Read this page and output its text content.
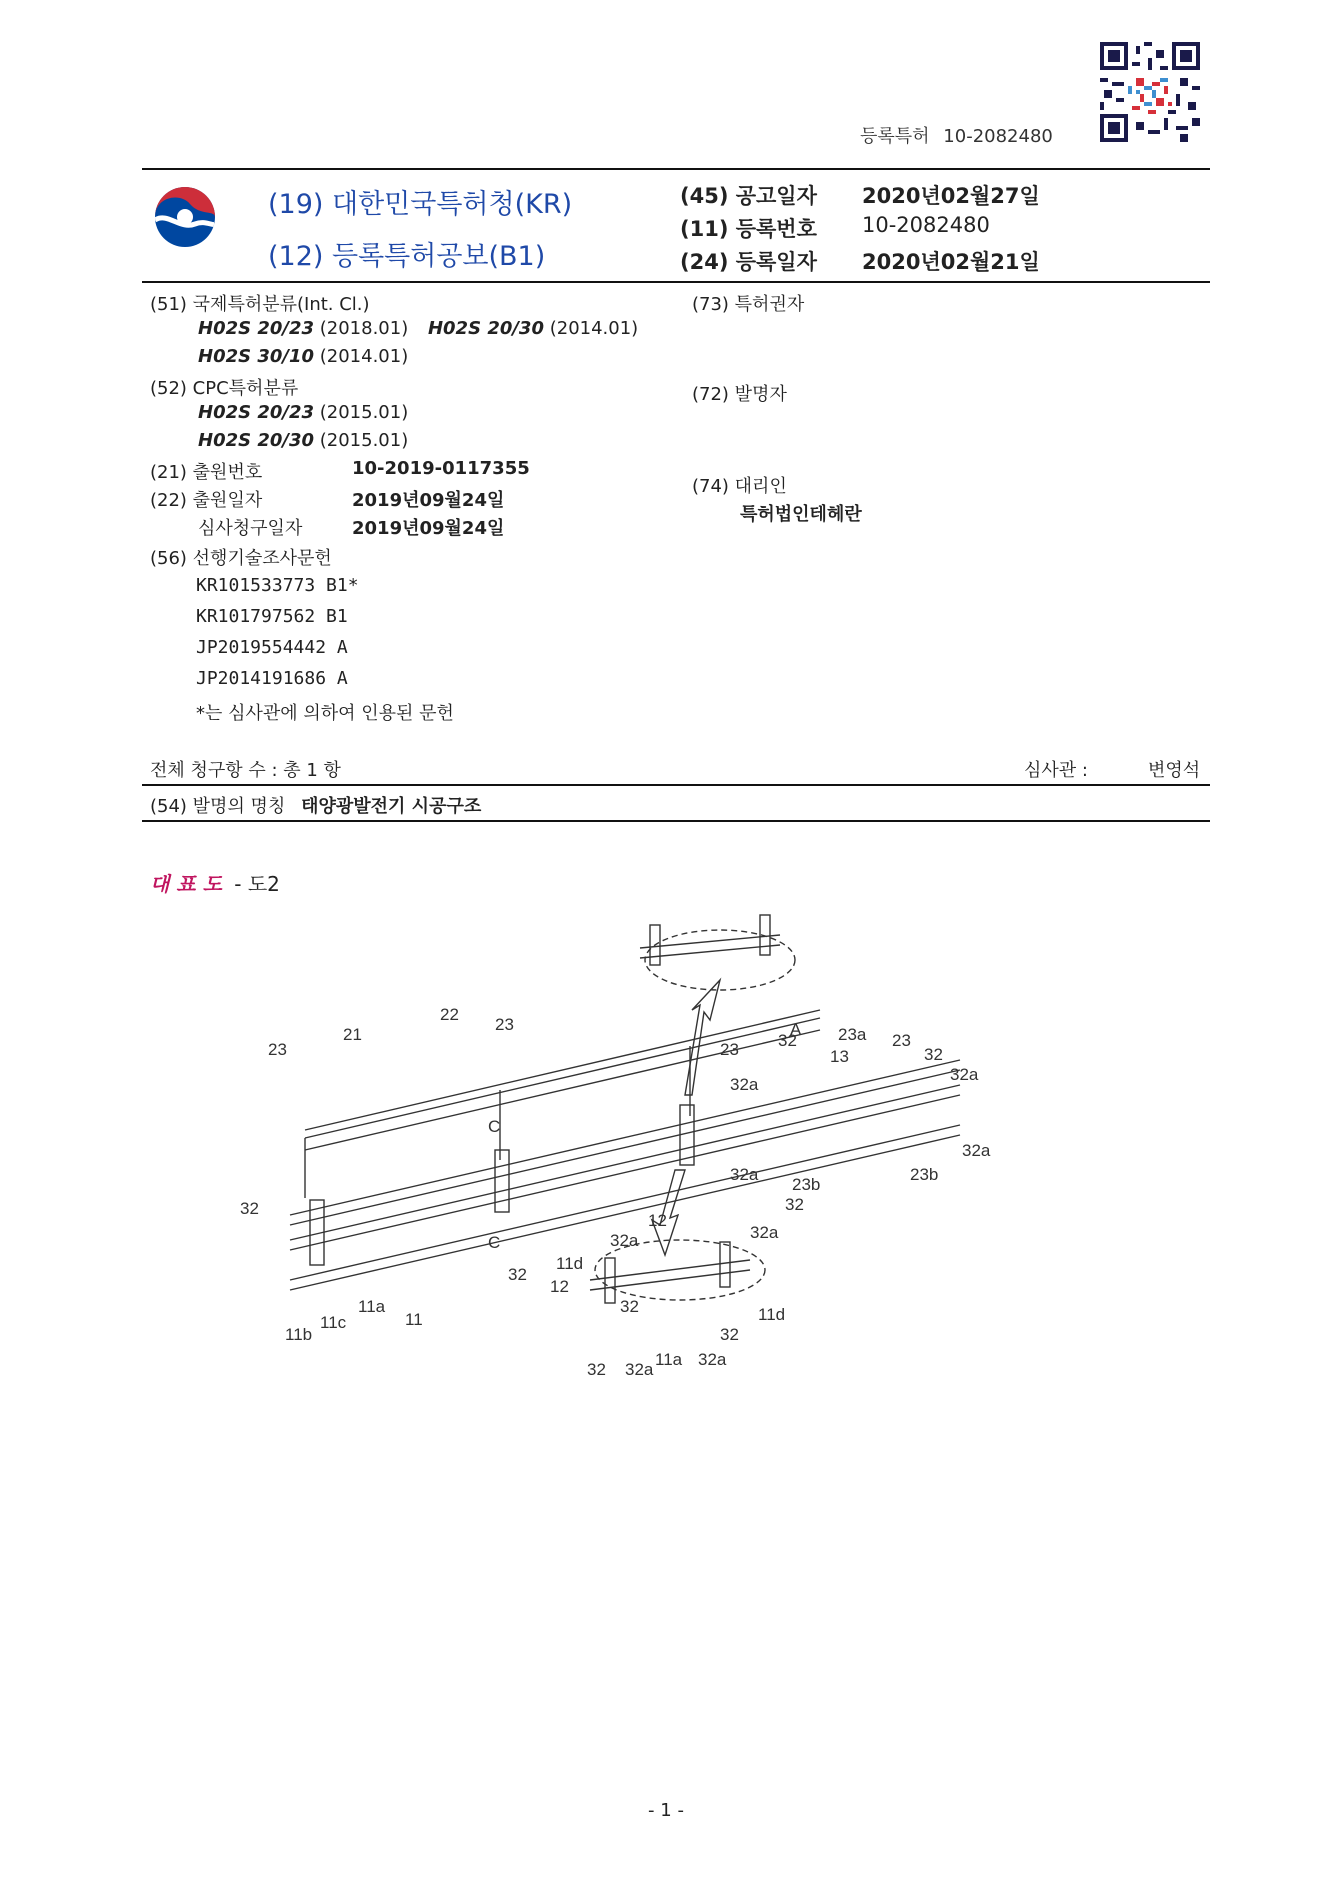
등록특허 10-2082480
(19) 대한민국특허청(KR)
(12) 등록특허공보(B1)
(45) 공고일자 2020년02월27일
(11) 등록번호 10-2082480
(24) 등록일자 2020년02월21일
(51) 국제특허분류(Int. Cl.)
H02S 20/23 (2018.01) H02S 20/30 (2014.01)
H02S 30/10 (2014.01)
(52) CPC특허분류
H02S 20/23 (2015.01)
H02S 20/30 (2015.01)
(21) 출원번호	10-2019-0117355
(22) 출원일자	2019년09월24일
심사청구일자	2019년09월24일
(56) 선행기술조사문헌
KR101533773 B1*
KR101797562 B1
JP2019554442 A
JP2014191686 A
*는 심사관에 의하여 인용된 문헌
(73) 특허권자
(72) 발명자
(74) 대리인
특허법인테헤란
전체 청구항 수 : 총 1 항	심사관 :	변영석
(54) 발명의 명칭 태양광발전기 시공구조
대 표 도 - 도2
22
23
21
23	23
A
13
C
C
32	32
12
12
32
11b
11c
11a
11
32
32a
11d
32a
11d
32
32 32a
11a 32a
32 23a 23
32
32a
32a
32a
32a
23b
23b
- 1 -
